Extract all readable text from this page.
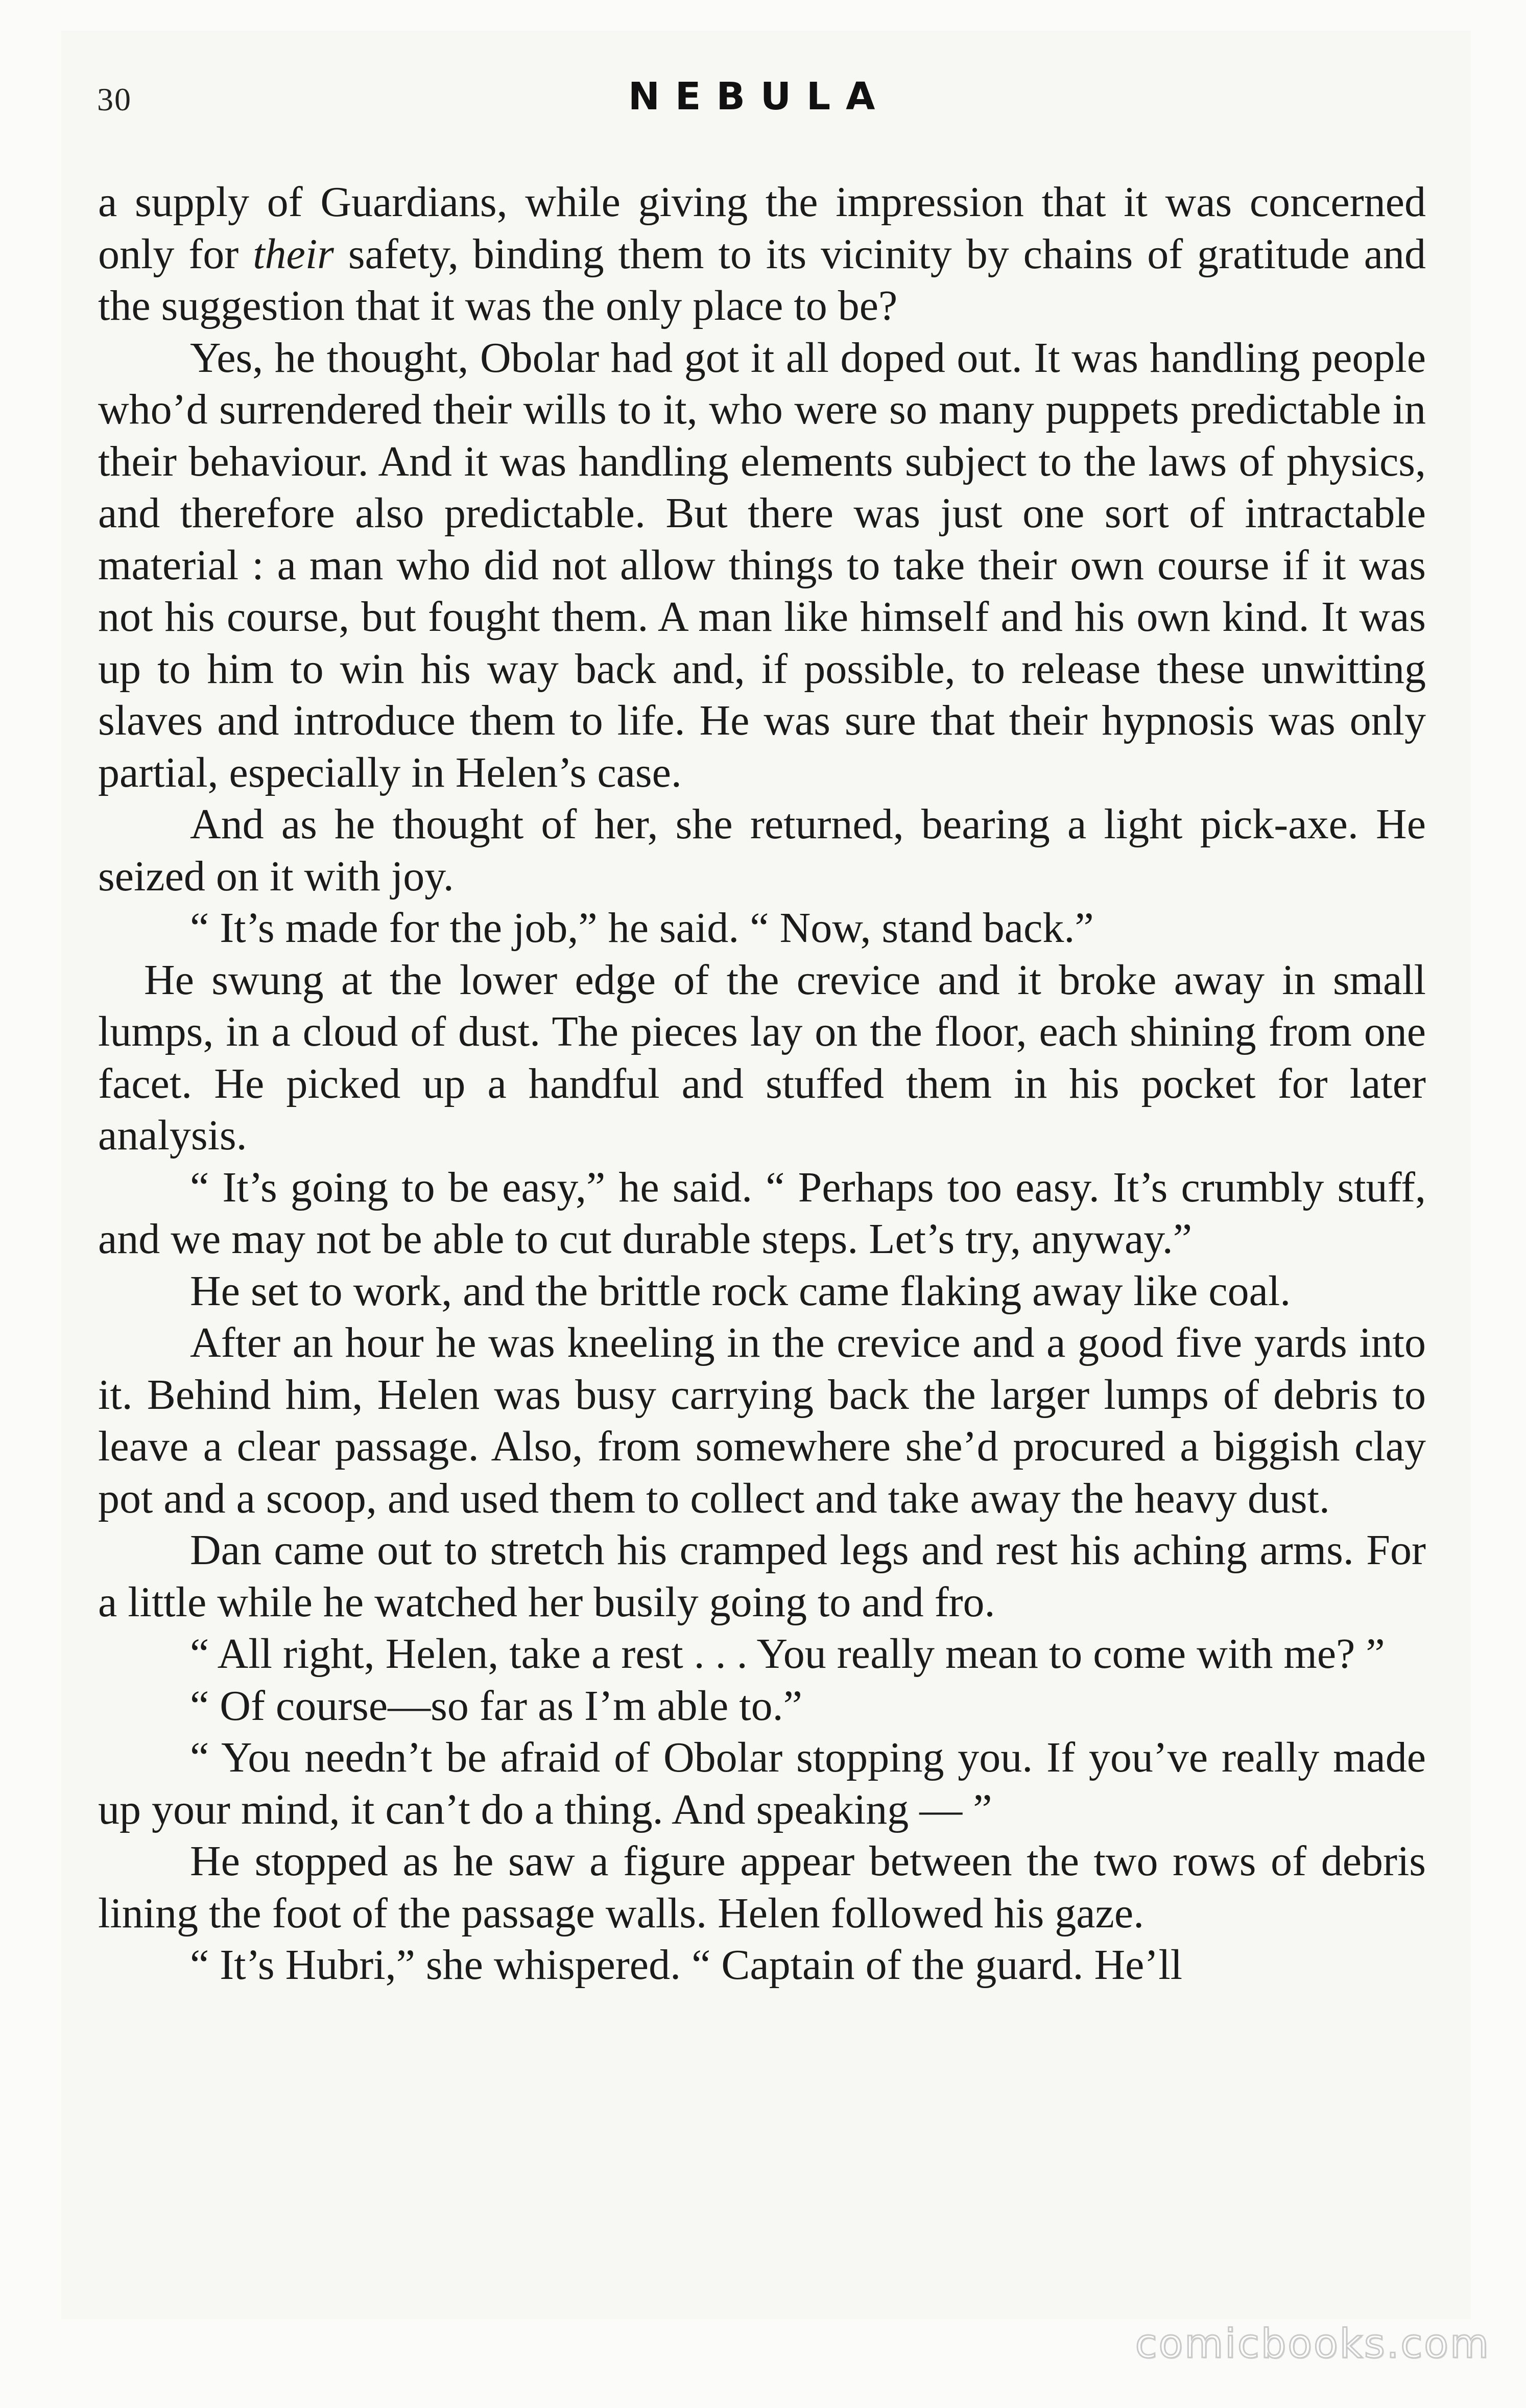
30	NEBULA

a supply of Guardians, while giving the impression that it was concerned only for their safety, binding them to its vicinity by chains of gratitude and the suggestion that it was the only place to be?

Yes, he thought, Obolar had got it all doped out. It was handling people who’d surrendered their wills to it, who were so many puppets predictable in their behaviour. And it was handling elements subject to the laws of physics, and therefore also predictable. But there was just one sort of intractable material : a man who did not allow things to take their own course if it was not his course, but fought them. A man like himself and his own kind. It was up to him to win his way back and, if possible, to release these unwitting slaves and introduce them to life. He was sure that their hypnosis was only partial, especially in Helen’s case.

And as he thought of her, she returned, bearing a light pick-axe. He seized on it with joy.

“ It’s made for the job,” he said. “ Now, stand back.”

He swung at the lower edge of the crevice and it broke away in small lumps, in a cloud of dust. The pieces lay on the floor, each shining from one facet. He picked up a handful and stuffed them in his pocket for later analysis.

“ It’s going to be easy,” he said. “ Perhaps too easy. It’s crumbly stuff, and we may not be able to cut durable steps. Let’s try, anyway.”

He set to work, and the brittle rock came flaking away like coal.

After an hour he was kneeling in the crevice and a good five yards into it. Behind him, Helen was busy carrying back the larger lumps of debris to leave a clear passage. Also, from somewhere she’d procured a biggish clay pot and a scoop, and used them to collect and take away the heavy dust.

Dan came out to stretch his cramped legs and rest his aching arms. For a little while he watched her busily going to and fro.

“ All right, Helen, take a rest . . . You really mean to come with me? ”

“ Of course—so far as I’m able to.”

“ You needn’t be afraid of Obolar stopping you. If you’ve really made up your mind, it can’t do a thing. And speaking — ”

He stopped as he saw a figure appear between the two rows of debris lining the foot of the passage walls. Helen followed his gaze.

“ It’s Hubri,” she whispered. “ Captain of the guard. He’ll

comicbooks.com
